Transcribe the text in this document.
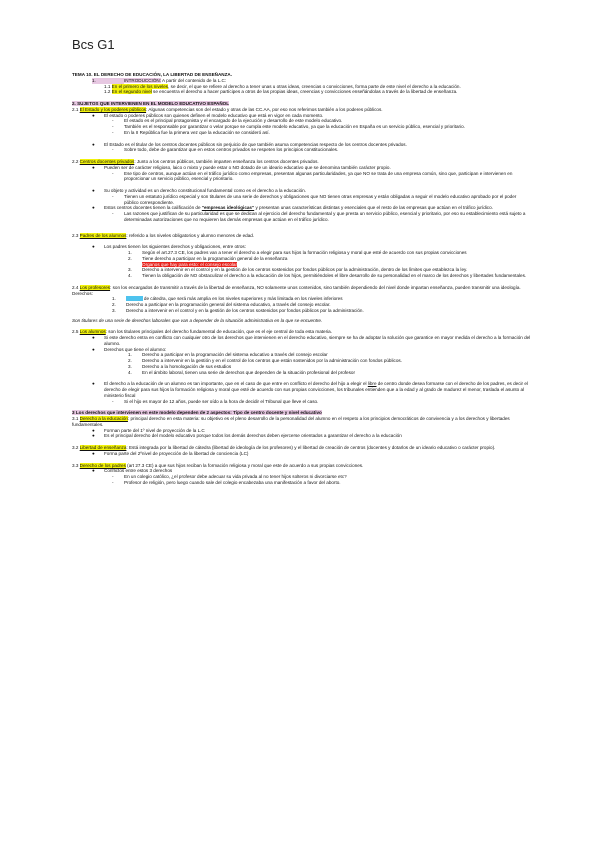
Bcs G1

TEMA 10. EL DERECHO DE EDUCACIÓN, LA LIBERTAD DE ENSEÑANZA.

1.	INTRODUCCIÓN: A partir del contenido de la L.C:

1.1 En el primero de los niveles, se decir, el que se refiere al derecho a tener unas u otras ideas, creencias o convicciones, forma parte de este nivel el derecho a la educación.

1.2 En el segundo nivel se encuentra el derecho a hacer partícipes a otros de las propias ideas, creencias y convicciones enseñándolas a través de la libertad de enseñanza.

2. SUJETOS QUE INTERVIENEN EN EL MODELO EDUCATIVO ESPAÑOL

2.1 El Estado y los poderes públicos: Algunas competencias son del estado y otras de las CC.AA, por eso nos referimos también a los poderes públicos.

●	El estado o poderes públicos son quienes definen el modelo educativo que está en vigor en cada momento.
-	El estado es el principal protagonista y el encargado de la ejecución y desarrollo de este modelo educativo.
-	También es el responsable por garantizar o velar porque se cumpla este modelo educativo, ya que la educación en España es un servicio público, esencial y prioritario.
-	En la II República fue la primera vez que la educación se consideró así.
●	El Estado es el titular de los centros docentes públicos sin perjuicio de que también asuma competencias respecto de los centros docentes privados.
-	Sobre todo, debe de garantizar que en estos centros privados se respeten los principios constitucionales.

2.2 Centros docentes privados: Junto a los centros públicos, también imparten enseñanza los centros docentes privados.

●	Pueden ser de carácter religioso, laico o mixto y puede estar o NO dotado de un ideario educativo que se denomina también carácter propio.
-	Ese tipo de centros, aunque actúan en el tráfico jurídico como empresas, presentan algunas particularidades, ya que NO se trata de una empresa común, sino que, participan e intervienen en proporcionar un servicio público, esencial y prioritario.
●	Su objeto y actividad es un derecho constitucional fundamental como es el derecho a la educación.
-	Tienen un estatuto jurídico especial y son titulares de una serie de derechos y obligaciones que NO tienen otras empresas y están obligadas a seguir el modelo educativo aprobado por el poder público correspondiente.
●	Estos centros docentes tienen la calificación de "empresas ideológicas" y presentan unas características distintas y esenciales que el resto de las empresas que actúan en el tráfico jurídico.
-	Las razones que justifican de su particularidad es que se dedican al ejercicio del derecho fundamental y que presta un servicio público, esencial y prioritario, por eso su establecimiento está sujeto a determinadas autorizaciones que no requieren las demás empresas que actúan en el tráfico jurídico.

2.3 Padres de los alumnos: referido a los niveles obligatorios y alumno menores de edad.

●	Los padres tienen los siguientes derechos y obligaciones, entre otros:
1.	Según el art.27.3 CE, los padres van a tener el derecho a elegir para sus hijos la formación religiosa y moral que esté de acuerdo con sus propias convicciones
2.	Tiene derecho a participar en la programación general de la enseñanza
Organos que hay para esto: el consejo escolar
3.	Derecho a intervenir en el control y en la gestión de los centros sostenidos por fondos públicos por la administración, dentro de los límites que establezca la ley.
4.	Tienen la obligación de NO obstaculizar el derecho a la educación de los hijos, permitiéndoles el libre desarrollo de su personalidad en el marco de los derechos y libertades fundamentales.

2.4 Los profesores: son los encargados de transmitir a través de la libertad de enseñanza, NO solamente unos contenidos, sino también dependiendo del nivel donde impartan enseñanza, pueden transmitir una ideología. Derechos:

1.	Libertad de cátedra, que será más amplia en los niveles superiores y más limitada en los niveles inferiores
2.	Derecho a participar en la programación general del sistema educativo, a través del consejo escolar.
3.	Derecho a intervenir en el control y en la gestión de los centros sostenidos por fondos públicos por la administración.

Son titulares de una serie de derechos laborales que van a depender de la situación administrativa en la que se encuentre.

2.5 Los alumnos: son los titulares principales del derecho fundamental de educación, que es el eje central de toda esta materia.

●	Si este derecho entra en conflicto con cualquier otro de los derechos que intervienen en el derecho educativo, siempre se ha de adoptar la solución que garantice en mayor medida el derecho a la formación del alumno.
●	Derechos que tiene el alumno:
1.	Derecho a participar en la programación del sistema educativo a través del consejo escolar
2.	Derecho a intervenir en la gestión y en el control de los centros que están sostenidos por la administración con fondos públicos.
3.	Derecho a la homologación de sus estudios
4.	En el ámbito laboral, tienen una serie de derechos que dependen de la situación profesional del profesor
●	El derecho a la educación de un alumno es tan importante, que en el caso de que entre en conflicto el derecho del hijo a elegir el libre de centro donde desea formarse con el derecho de los padres, es decir el derecho de elegir para sus hijos la formación religiosa y moral que esté de acuerdo con sus propias convicciones, los tribunales entienden que a la edad y al grado de madurez el menor, traslada el asunto al ministerio fiscal
-	Si el hijo es mayor de 12 años, puede ser oído a la hora de decidir el Tribunal que lleve el caso.

3 Los derechos que intervienen en este modelo dependen de 2 aspectos: Tipo de centro docente y nivel educativo

3.1 Derecho a la educación: principal derecho en esta materia: su objetivo es el pleno desarrollo de la personalidad del alumno en el respeto a los principios democráticos de convivencia y a los derechos y libertades fundamentales.

●	Forman parte del 1º nivel de proyección de la L.C
●	Es el principal derecho del modelo educativo porque todos los demás derechos deben ejercerse orientados a garantizar el derecho a la educación

3.2 Libertad de enseñanza: Está integrada por la libertad de cátedra (libertad de ideología de los profesores) y el libertad de creación de centros (docentes y dotarlos de un ideario educativo o carácter propio).

●	Forma parte del 2ºnivel de proyección de la libertad de conciencia (LC)

3.3 Derecho de los padres (art 27.3 CE) a que sus hijos reciban la formación religiosa y moral que este de acuerdo a sus propias convicciones.

●	Conflictos entre estos 3 derechos
-	En un colegio católico, ¿el profesor debe adecuar su vida privada al no tener hijos solteros ni divorciarse etc?
-	Profesor de religión, pero luego cuando sale del colegio encabezaba una manifestación a favor del aborto.
